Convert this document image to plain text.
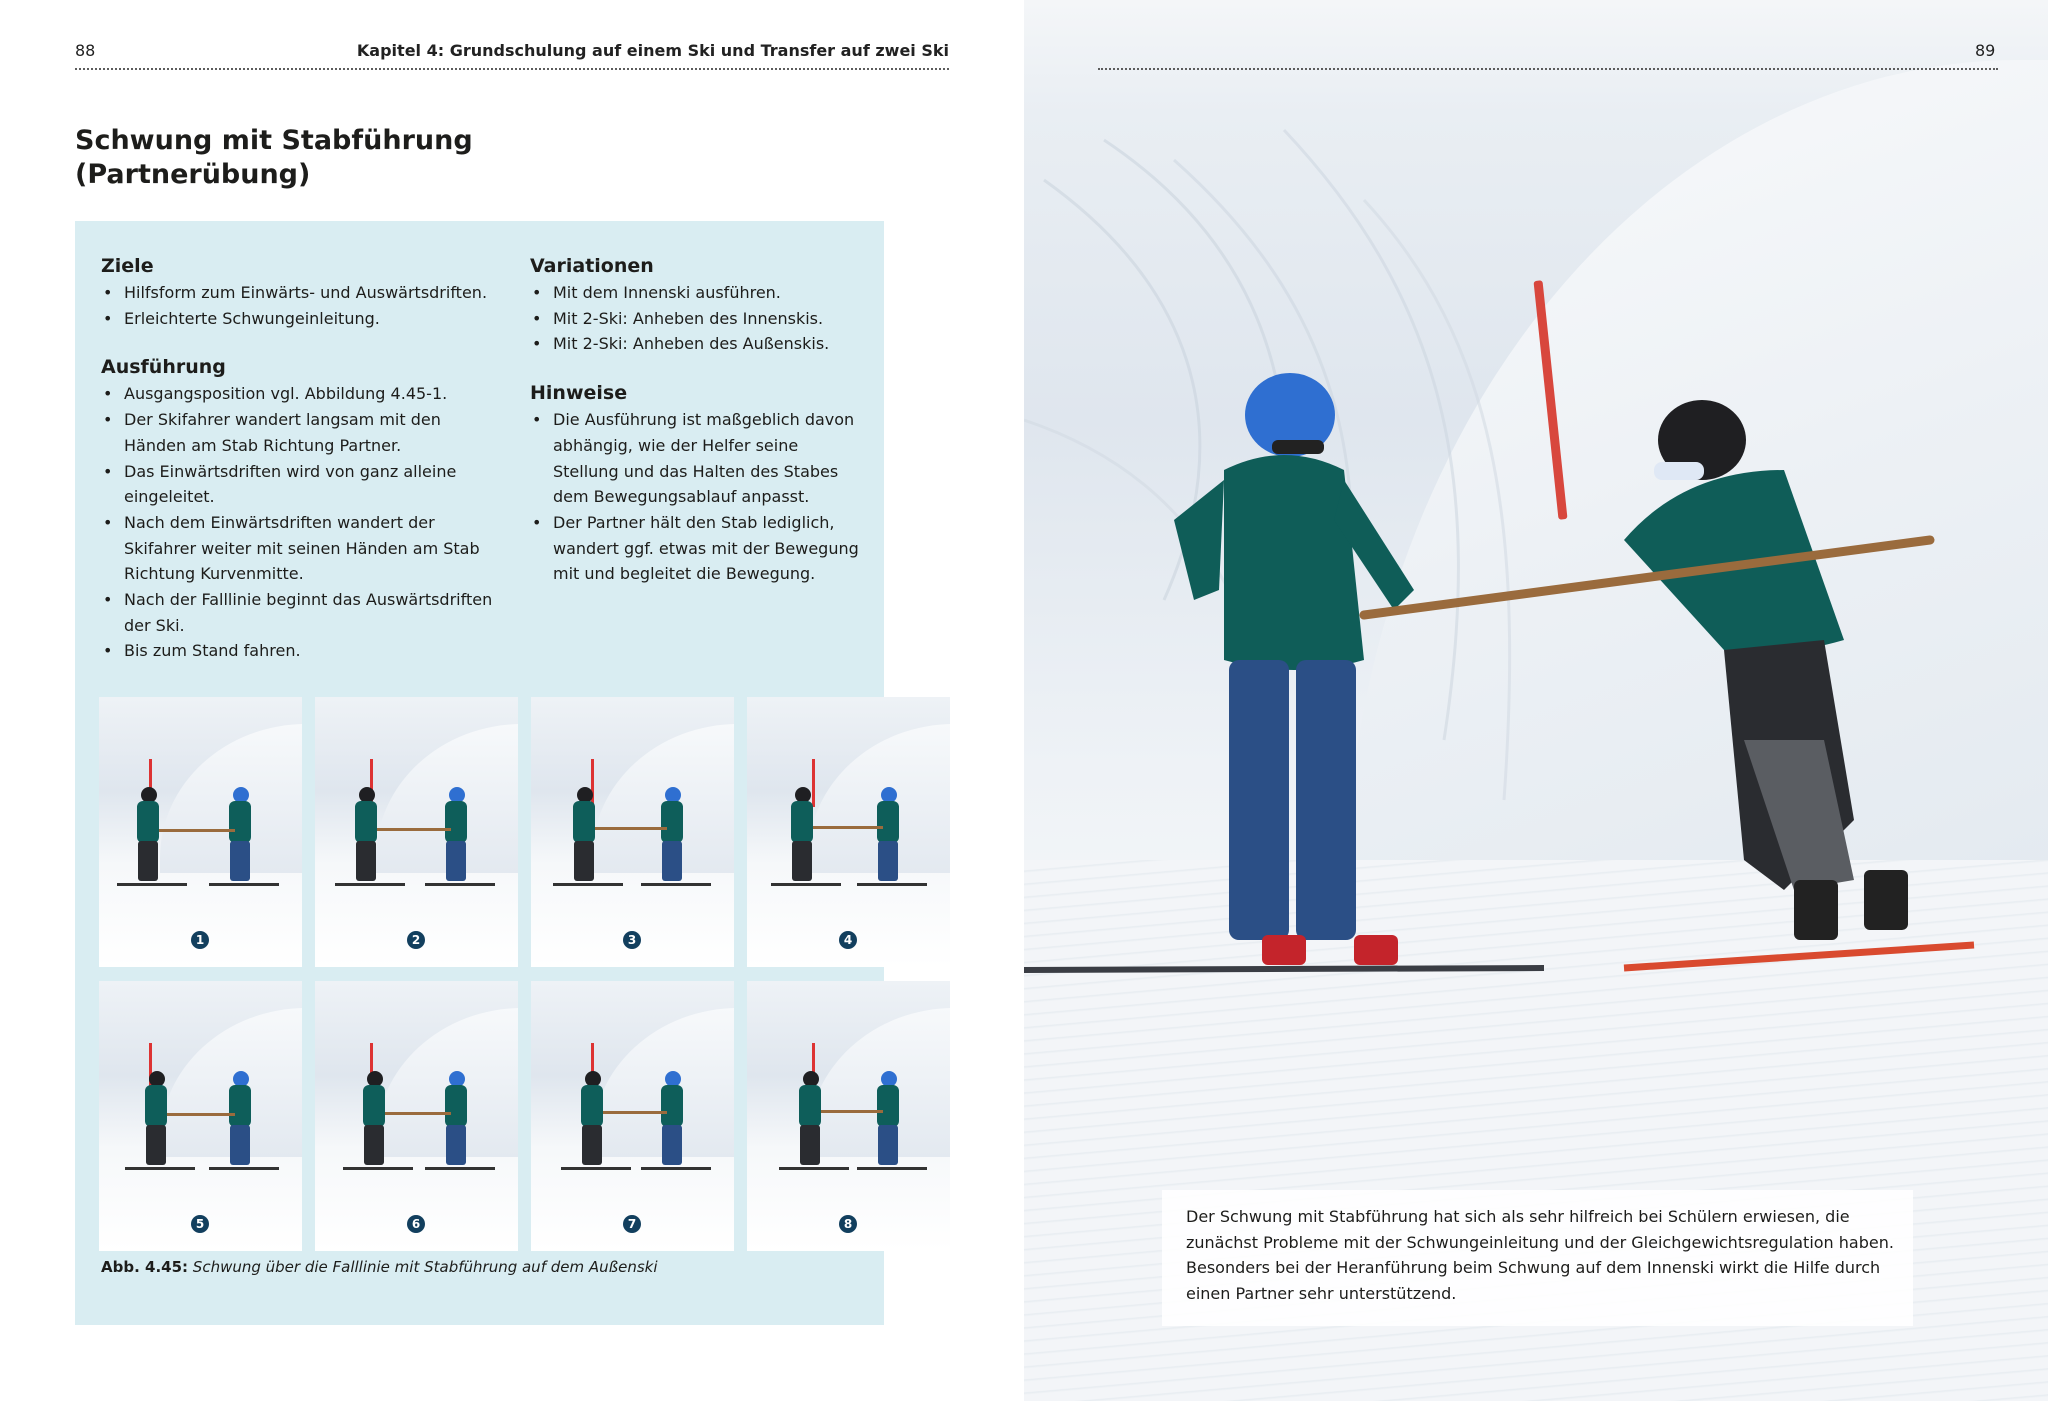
88	Kapitel 4: Grundschulung auf einem Ski und Transfer auf zwei Ski
Schwung mit Stabführung
(Partnerübung)
Ziele
• Hilfsform zum Einwärts- und Auswärtsdriften.
• Erleichterte Schwungeinleitung.
Ausführung
• Ausgangsposition vgl. Abbildung 4.45-1.
• Der Skifahrer wandert langsam mit den Händen am Stab Richtung Partner.
• Das Einwärtsdriften wird von ganz alleine eingeleitet.
• Nach dem Einwärtsdriften wandert der Skifahrer weiter mit seinen Händen am Stab Richtung Kurvenmitte.
• Nach der Falllinie beginnt das Auswärtsdriften der Ski.
• Bis zum Stand fahren.
Variationen
• Mit dem Innenski ausführen.
• Mit 2-Ski: Anheben des Innenskis.
• Mit 2-Ski: Anheben des Außenskis.
Hinweise
• Die Ausführung ist maßgeblich davon abhängig, wie der Helfer seine Stellung und das Halten des Stabes dem Bewegungsablauf anpasst.
• Der Partner hält den Stab lediglich, wandert ggf. etwas mit der Bewegung mit und begleitet die Bewegung.
1	2	3	4
5	6	7	8
Abb. 4.45: Schwung über die Falllinie mit Stabführung auf dem Außenski
89

Der Schwung mit Stabführung hat sich als sehr hilfreich bei Schülern erwiesen, die zunächst Probleme mit der Schwungeinleitung und der Gleichgewichtsregulation haben.
Besonders bei der Heranführung beim Schwung auf dem Innenski wirkt die Hilfe durch einen Partner sehr unterstützend.
